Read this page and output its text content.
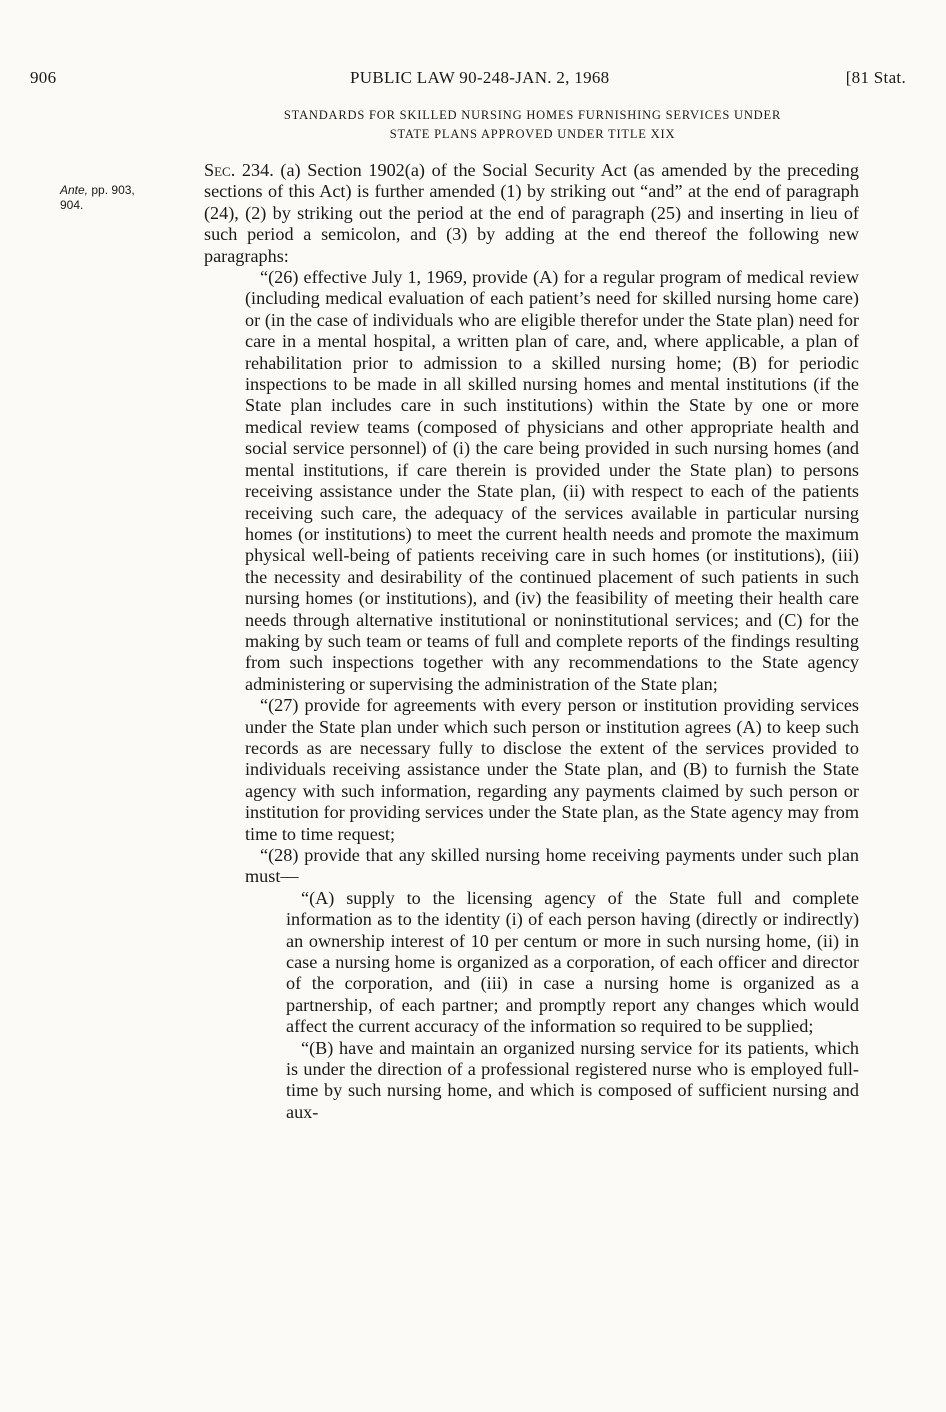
906	PUBLIC LAW 90-248-JAN. 2, 1968	[81 Stat.
STANDARDS FOR SKILLED NURSING HOMES FURNISHING SERVICES UNDER
STATE PLANS APPROVED UNDER TITLE XIX
Ante, pp. 903,
904.

Sec. 234. (a) Section 1902(a) of the Social Security Act (as amended by the preceding sections of this Act) is further amended (1) by striking out “and” at the end of paragraph (24), (2) by striking out the period at the end of paragraph (25) and inserting in lieu of such period a semicolon, and (3) by adding at the end thereof the following new paragraphs:

“(26) effective July 1, 1969, provide (A) for a regular program of medical review (including medical evaluation of each patient’s need for skilled nursing home care) or (in the case of individuals who are eligible therefor under the State plan) need for care in a mental hospital, a written plan of care, and, where applicable, a plan of rehabilitation prior to admission to a skilled nursing home; (B) for periodic inspections to be made in all skilled nursing homes and mental institutions (if the State plan includes care in such institutions) within the State by one or more medical review teams (composed of physicians and other appropriate health and social service personnel) of (i) the care being provided in such nursing homes (and mental institutions, if care therein is provided under the State plan) to persons receiving assistance under the State plan, (ii) with respect to each of the patients receiving such care, the adequacy of the services available in particular nursing homes (or institutions) to meet the current health needs and promote the maximum physical well-being of patients receiving care in such homes (or institutions), (iii) the necessity and desirability of the continued placement of such patients in such nursing homes (or institutions), and (iv) the feasibility of meeting their health care needs through alternative institutional or noninstitutional services; and (C) for the making by such team or teams of full and complete reports of the findings resulting from such inspections together with any recommendations to the State agency administering or supervising the administration of the State plan;

“(27) provide for agreements with every person or institution providing services under the State plan under which such person or institution agrees (A) to keep such records as are necessary fully to disclose the extent of the services provided to individuals receiving assistance under the State plan, and (B) to furnish the State agency with such information, regarding any payments claimed by such person or institution for providing services under the State plan, as the State agency may from time to time request;

“(28) provide that any skilled nursing home receiving payments under such plan must—

“(A) supply to the licensing agency of the State full and complete information as to the identity (i) of each person having (directly or indirectly) an ownership interest of 10 per centum or more in such nursing home, (ii) in case a nursing home is organized as a corporation, of each officer and director of the corporation, and (iii) in case a nursing home is organized as a partnership, of each partner; and promptly report any changes which would affect the current accuracy of the information so required to be supplied;

“(B) have and maintain an organized nursing service for its patients, which is under the direction of a professional registered nurse who is employed full-time by such nursing home, and which is composed of sufficient nursing and aux-
